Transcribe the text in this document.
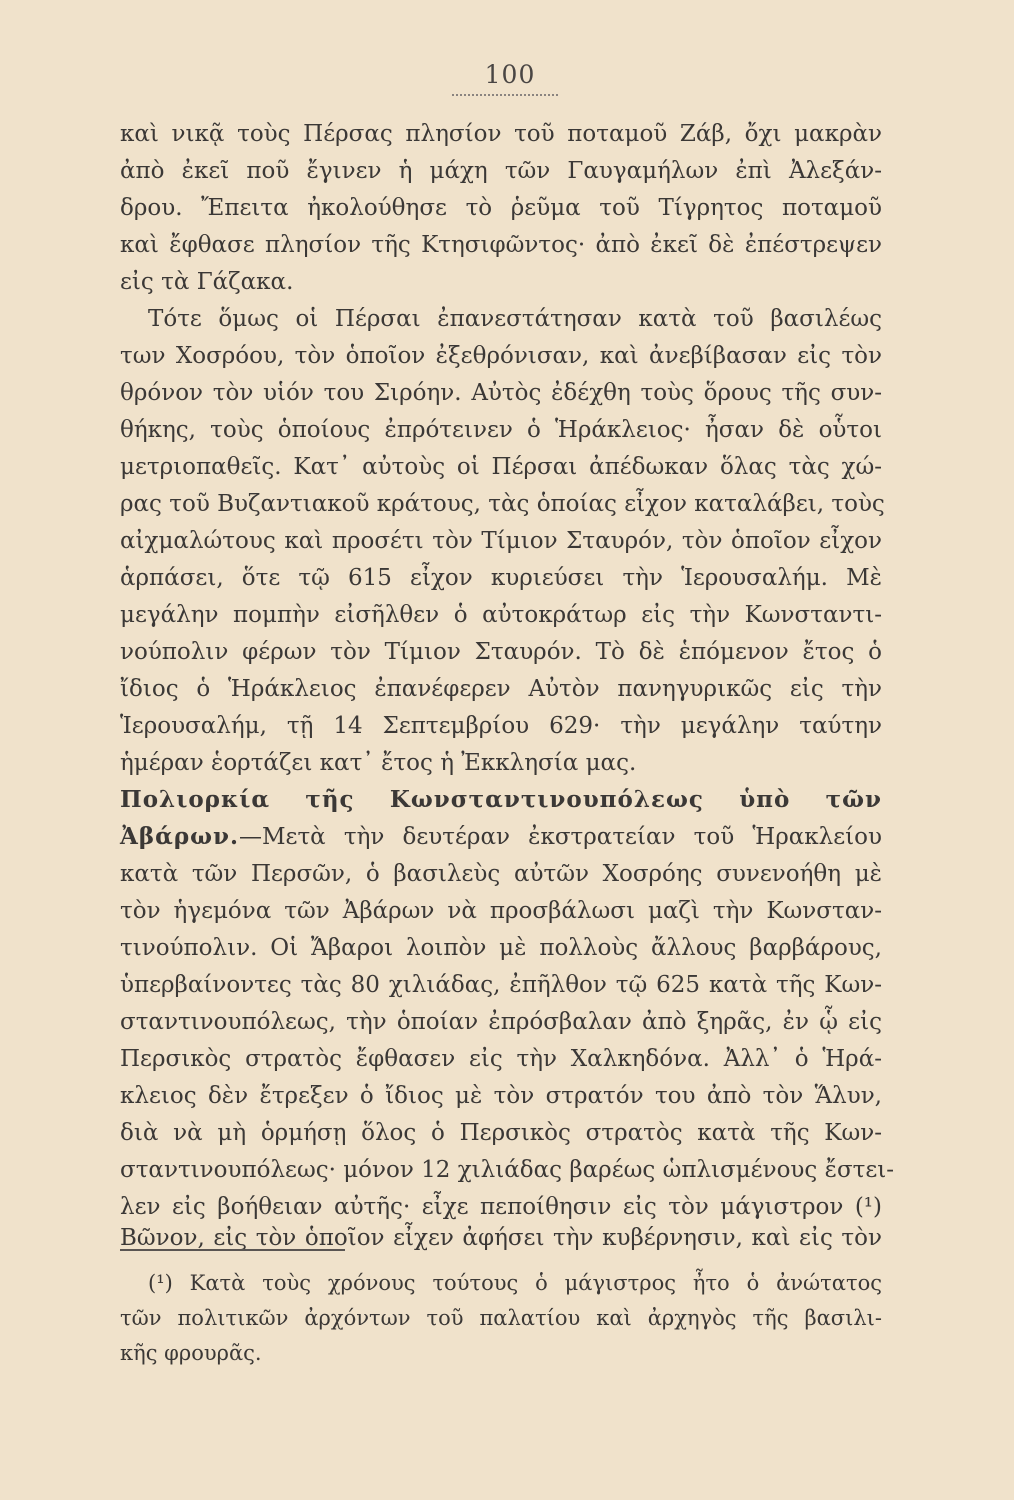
100
καὶ νικᾷ τοὺς Πέρσας πλησίον τοῦ ποταμοῦ Ζάβ, ὄχι μακρὰν
ἀπὸ ἐκεῖ ποῦ ἔγινεν ἡ μάχη τῶν Γαυγαμήλων ἐπὶ Ἀλεξάν-
δρου. Ἔπειτα ἠκολούθησε τὸ ῥεῦμα τοῦ Τίγρητος ποταμοῦ
καὶ ἔφθασε πλησίον τῆς Κτησιφῶντος· ἀπὸ ἐκεῖ δὲ ἐπέστρεψεν
εἰς τὰ Γάζακα.
Τότε ὅμως οἱ Πέρσαι ἐπανεστάτησαν κατὰ τοῦ βασιλέως
των Χοσρόου, τὸν ὁποῖον ἐξεθρόνισαν, καὶ ἀνεβίβασαν εἰς τὸν
θρόνον τὸν υἱόν του Σιρόην. Αὐτὸς ἐδέχθη τοὺς ὅρους τῆς συν-
θήκης, τοὺς ὁποίους ἐπρότεινεν ὁ Ἡράκλειος· ἦσαν δὲ οὗτοι
μετριοπαθεῖς. Κατ᾽ αὐτοὺς οἱ Πέρσαι ἀπέδωκαν ὅλας τὰς χώ-
ρας τοῦ Βυζαντιακοῦ κράτους, τὰς ὁποίας εἶχον καταλάβει, τοὺς
αἰχμαλώτους καὶ προσέτι τὸν Τίμιον Σταυρόν, τὸν ὁποῖον εἶχον
ἁρπάσει, ὅτε τῷ 615 εἶχον κυριεύσει τὴν Ἱερουσαλήμ. Μὲ
μεγάλην πομπὴν εἰσῆλθεν ὁ αὐτοκράτωρ εἰς τὴν Κωνσταντι-
νούπολιν φέρων τὸν Τίμιον Σταυρόν. Τὸ δὲ ἑπόμενον ἔτος ὁ
ἴδιος ὁ Ἡράκλειος ἐπανέφερεν Αὐτὸν πανηγυρικῶς εἰς τὴν
Ἱερουσαλήμ, τῇ 14 Σεπτεμβρίου 629· τὴν μεγάλην ταύτην
ἡμέραν ἑορτάζει κατ᾽ ἔτος ἡ Ἐκκλησία μας.
Πολιορκία τῆς Κωνσταντινουπόλεως ὑπὸ τῶν
Ἀβάρων.—Μετὰ τὴν δευτέραν ἐκστρατείαν τοῦ Ἡρακλείου
κατὰ τῶν Περσῶν, ὁ βασιλεὺς αὐτῶν Χοσρόης συνενοήθη μὲ
τὸν ἡγεμόνα τῶν Ἀβάρων νὰ προσβάλωσι μαζὶ τὴν Κωνσταν-
τινούπολιν. Οἱ Ἄβαροι λοιπὸν μὲ πολλοὺς ἄλλους βαρβάρους,
ὑπερβαίνοντες τὰς 80 χιλιάδας, ἐπῆλθον τῷ 625 κατὰ τῆς Κων-
σταντινουπόλεως, τὴν ὁποίαν ἐπρόσβαλαν ἀπὸ ξηρᾶς, ἐν ᾧ εἰς
Περσικὸς στρατὸς ἔφθασεν εἰς τὴν Χαλκηδόνα. Ἀλλ᾽ ὁ Ἡρά-
κλειος δὲν ἔτρεξεν ὁ ἴδιος μὲ τὸν στρατόν του ἀπὸ τὸν Ἅλυν,
διὰ νὰ μὴ ὁρμήσῃ ὅλος ὁ Περσικὸς στρατὸς κατὰ τῆς Κων-
σταντινουπόλεως· μόνον 12 χιλιάδας βαρέως ὡπλισμένους ἔστει-
λεν εἰς βοήθειαν αὐτῆς· εἶχε πεποίθησιν εἰς τὸν μάγιστρον (¹)
Βῶνον, εἰς τὸν ὁποῖον εἶχεν ἀφήσει τὴν κυβέρνησιν, καὶ εἰς τὸν
(¹) Κατὰ τοὺς χρόνους τούτους ὁ μάγιστρος ἦτο ὁ ἀνώτατος
τῶν πολιτικῶν ἀρχόντων τοῦ παλατίου καὶ ἀρχηγὸς τῆς βασιλι-
κῆς φρουρᾶς.
